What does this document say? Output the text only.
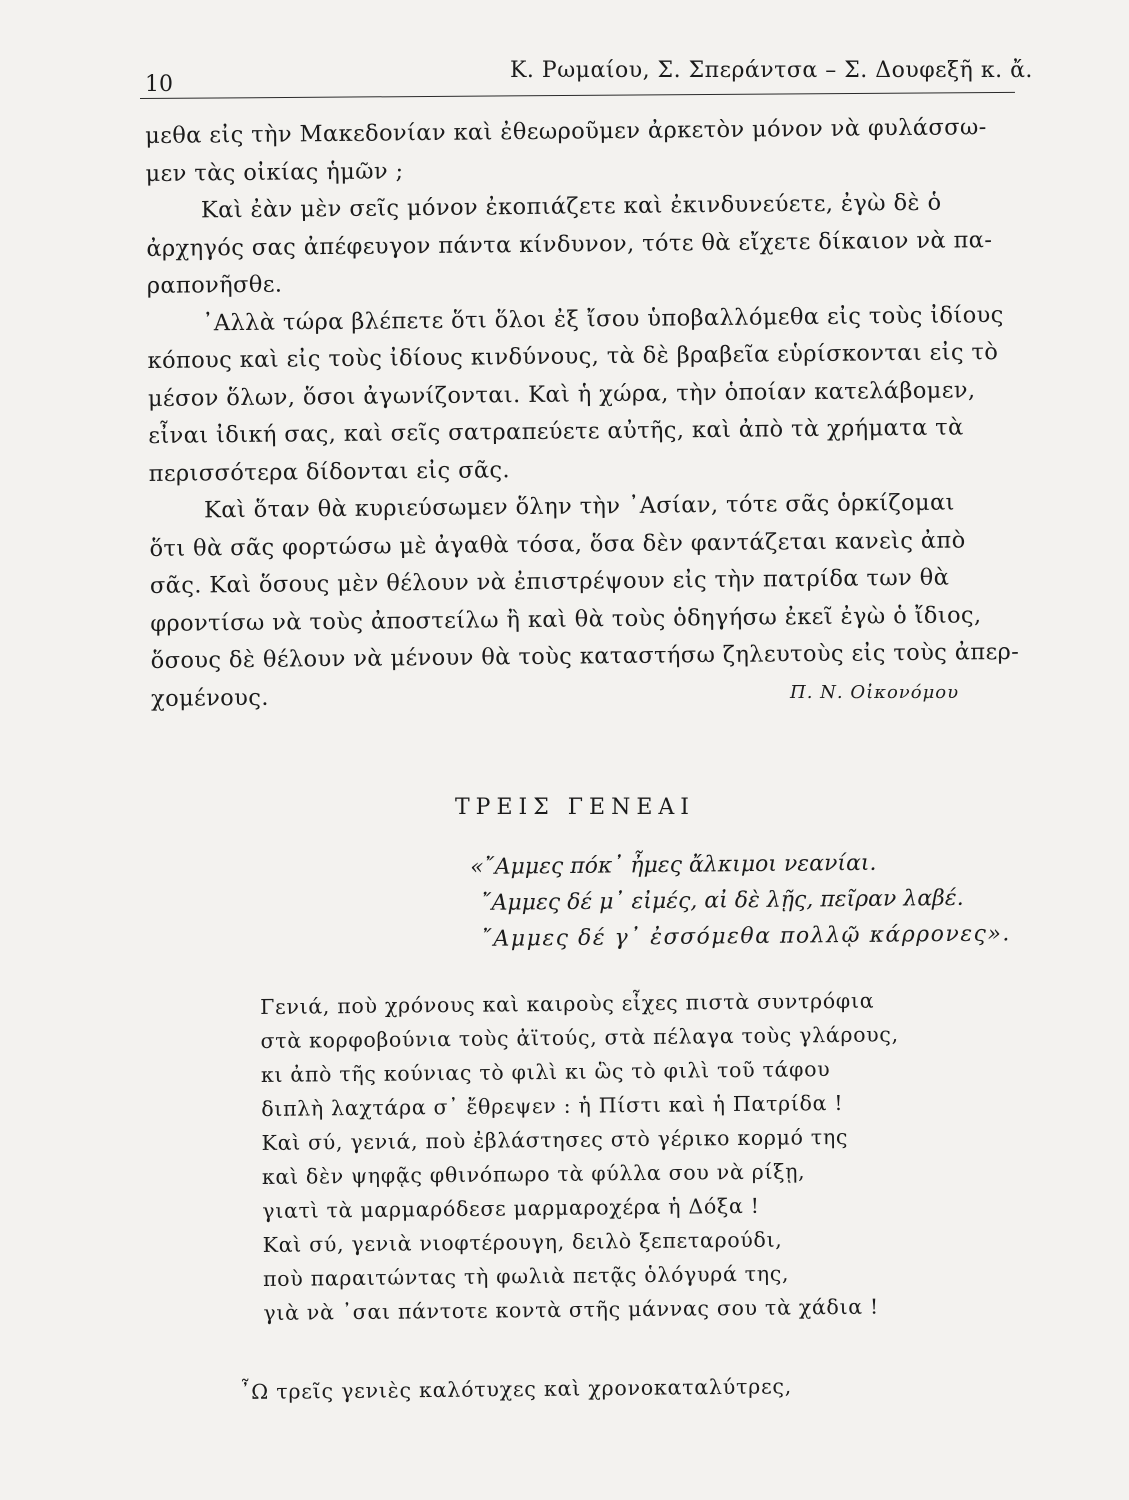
10
Κ. Ρωμαίου, Σ. Σπεράντσα – Σ. Δουφεξῆ κ. ἄ.

μεθα εἰς τὴν Μακεδονίαν καὶ ἐθεωροῦμεν ἀρκετὸν μόνον νὰ φυλάσσω-
μεν τὰς οἰκίας ἡμῶν ;

Καὶ ἐὰν μὲν σεῖς μόνον ἐκοπιάζετε καὶ ἐκινδυνεύετε, ἐγὼ δὲ ὁ
ἀρχηγός σας ἀπέφευγον πάντα κίνδυνον, τότε θὰ εἴχετε δίκαιον νὰ πα-
ραπονῆσθε.

᾿Αλλὰ τώρα βλέπετε ὅτι ὅλοι ἐξ ἴσου ὑποβαλλόμεθα εἰς τοὺς ἰδίους
κόπους καὶ εἰς τοὺς ἰδίους κινδύνους, τὰ δὲ βραβεῖα εὑρίσκονται εἰς τὸ
μέσον ὅλων, ὅσοι ἀγωνίζονται. Καὶ ἡ χώρα, τὴν ὁποίαν κατελάβομεν,
εἶναι ἰδική σας, καὶ σεῖς σατραπεύετε αὐτῆς, καὶ ἀπὸ τὰ χρήματα τὰ
περισσότερα δίδονται εἰς σᾶς.

Καὶ ὅταν θὰ κυριεύσωμεν ὅλην τὴν ᾿Ασίαν, τότε σᾶς ὁρκίζομαι
ὅτι θὰ σᾶς φορτώσω μὲ ἀγαθὰ τόσα, ὅσα δὲν φαντάζεται κανεὶς ἀπὸ
σᾶς. Καὶ ὅσους μὲν θέλουν νὰ ἐπιστρέψουν εἰς τὴν πατρίδα των θὰ
φροντίσω νὰ τοὺς ἀποστείλω ἢ καὶ θὰ τοὺς ὁδηγήσω ἐκεῖ ἐγὼ ὁ ἴδιος,
ὅσους δὲ θέλουν νὰ μένουν θὰ τοὺς καταστήσω ζηλευτοὺς εἰς τοὺς ἀπερ-
χομένους.	Π. Ν. Οἰκονόμου
ΤΡΕΙΣ ΓΕΝΕΑΙ
«῎Αμμες πόκ᾿ ἦμες ἄλκιμοι νεανίαι.
῎Αμμες δέ μ᾿ εἰμές, αἰ δὲ λῇς, πεῖραν λαβέ.
῎Αμμες δέ γ᾿ ἐσσόμεθα πολλῷ κάρρονες».
Γενιά, ποὺ χρόνους καὶ καιροὺς εἶχες πιστὰ συντρόφια
στὰ κορφοβούνια τοὺς ἀϊτούς, στὰ πέλαγα τοὺς γλάρους,
κι ἀπὸ τῆς κούνιας τὸ φιλὶ κι ὣς τὸ φιλὶ τοῦ τάφου
διπλὴ λαχτάρα σ᾿ ἔθρεψεν : ἡ Πίστι καὶ ἡ Πατρίδα !
Καὶ σύ, γενιά, ποὺ ἐβλάστησες στὸ γέρικο κορμό της
καὶ δὲν ψηφᾷς φθινόπωρο τὰ φύλλα σου νὰ ρίξῃ,
γιατὶ τὰ μαρμαρόδεσε μαρμαροχέρα ἡ Δόξα !
Καὶ σύ, γενιὰ νιοφτέρουγη, δειλὸ ξεπεταρούδι,
ποὺ παραιτώντας τὴ φωλιὰ πετᾷς ὁλόγυρά της,
γιὰ νὰ ᾿σαι πάντοτε κοντὰ στῆς μάννας σου τὰ χάδια !
῏Ω τρεῖς γενιὲς καλότυχες καὶ χρονοκαταλύτρες,
